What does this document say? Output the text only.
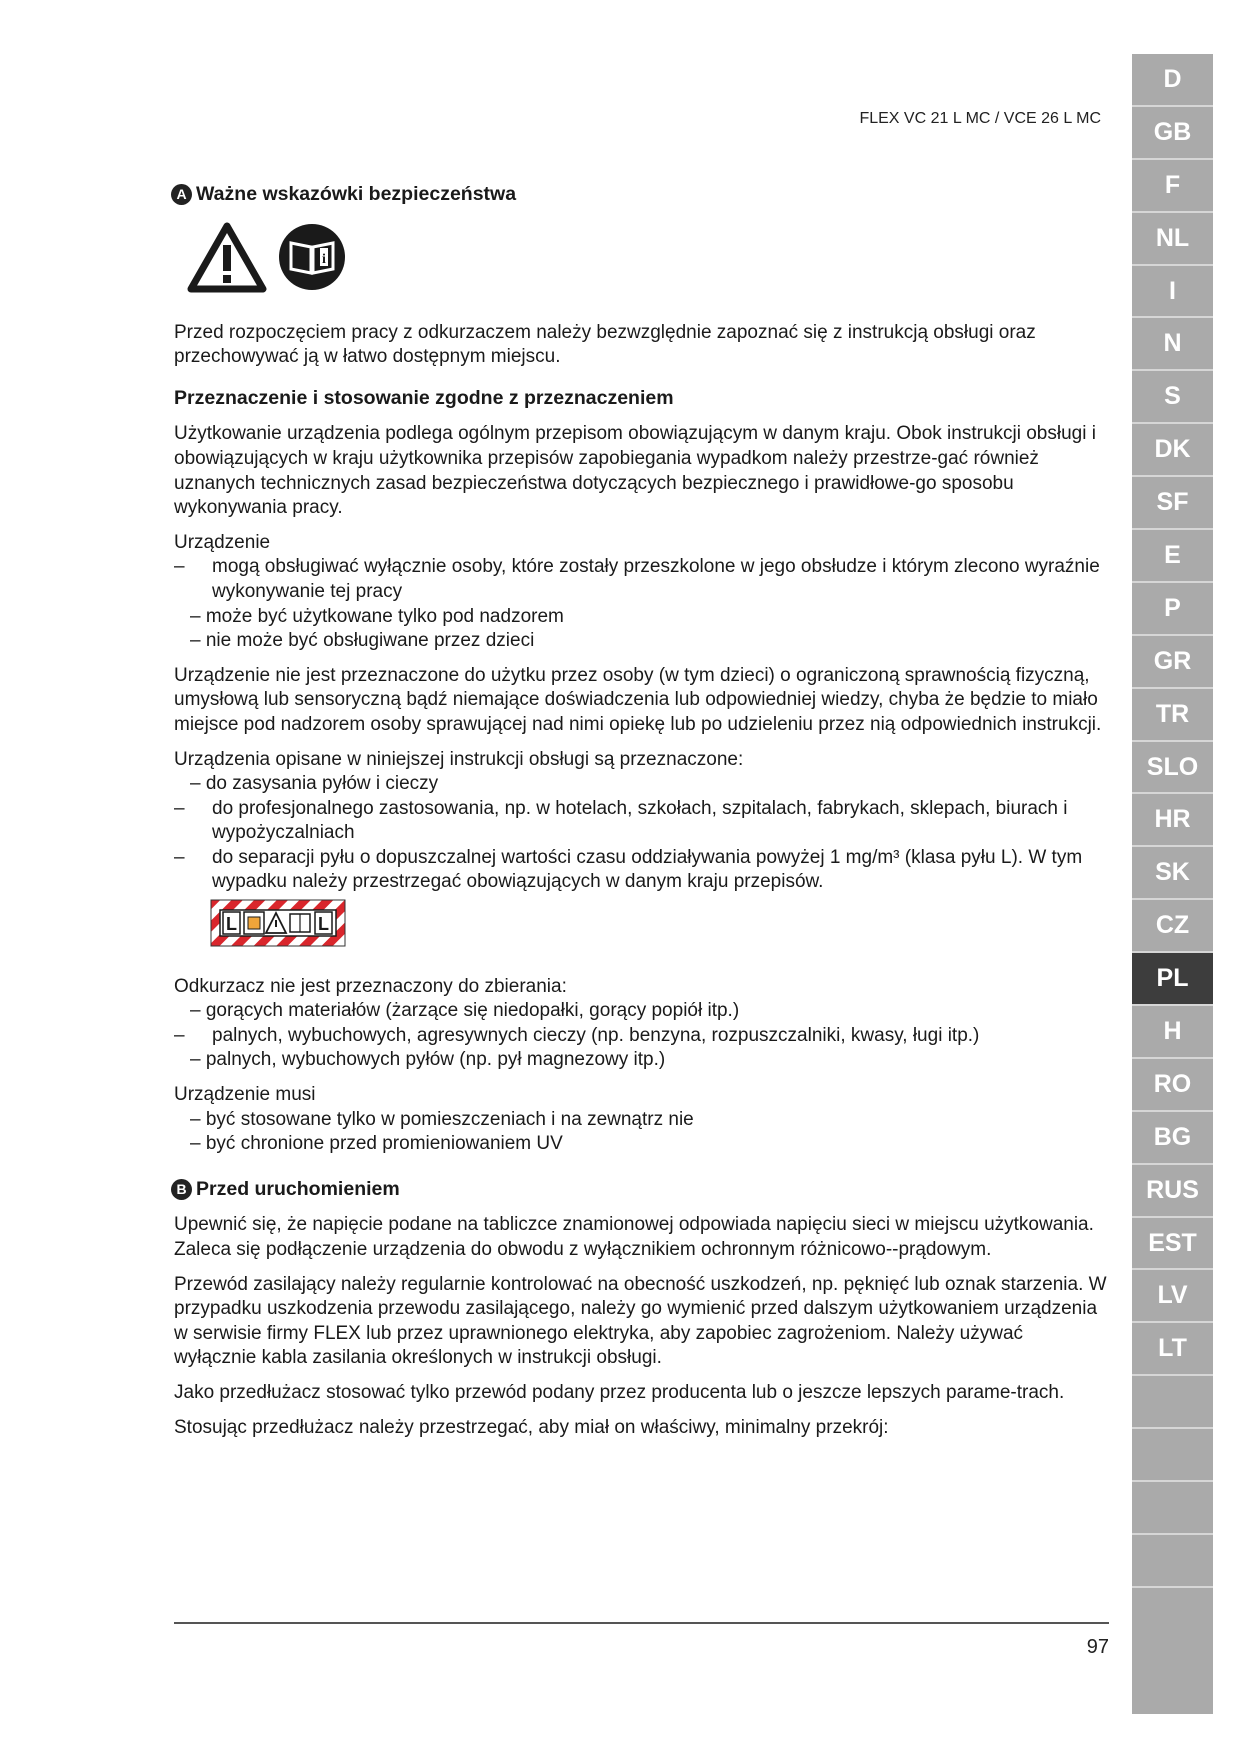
FLEX VC 21 L MC / VCE 26 L MC
A Ważne wskazówki bezpieczeństwa
i

Przed rozpoczęciem pracy z odkurzaczem należy bezwzględnie zapoznać się z instrukcją obsługi oraz przechowywać ją w łatwo dostępnym miejscu.

Przeznaczenie i stosowanie zgodne z przeznaczeniem

Użytkowanie urządzenia podlega ogólnym przepisom obowiązującym w danym kraju. Obok instrukcji obsługi i obowiązujących w kraju użytkownika przepisów zapobiegania wypadkom należy przestrze-gać również uznanych technicznych zasad bezpieczeństwa dotyczących bezpiecznego i prawidłowe-go sposobu wykonywania pracy.

Urządzenie
–	mogą obsługiwać wyłącznie osoby, które zostały przeszkolone w jego obsłudze i którym zlecono wyraźnie wykonywanie tej pracy
– może być użytkowane tylko pod nadzorem
– nie może być obsługiwane przez dzieci

Urządzenie nie jest przeznaczone do użytku przez osoby (w tym dzieci) o ograniczoną sprawnością fizyczną, umysłową lub sensoryczną bądź niemające doświadczenia lub odpowiedniej wiedzy, chyba że będzie to miało miejsce pod nadzorem osoby sprawującej nad nimi opiekę lub po udzieleniu przez nią odpowiednich instrukcji.

Urządzenia opisane w niniejszej instrukcji obsługi są przeznaczone:
– do zasysania pyłów i cieczy
–	do profesjonalnego zastosowania, np. w hotelach, szkołach, szpitalach, fabrykach, sklepach, biurach i wypożyczalniach
–	do separacji pyłu o dopuszczalnej wartości czasu oddziaływania powyżej 1 mg/m³ (klasa pyłu L). W tym wypadku należy przestrzegać obowiązujących w danym kraju przepisów.
L	L
Odkurzacz nie jest przeznaczony do zbierania:
– gorących materiałów (żarzące się niedopałki, gorący popiół itp.)
–	palnych, wybuchowych, agresywnych cieczy (np. benzyna, rozpuszczalniki, kwasy, ługi itp.)
– palnych, wybuchowych pyłów (np. pył magnezowy itp.)
Urządzenie musi
– być stosowane tylko w pomieszczeniach i na zewnątrz nie
– być chronione przed promieniowaniem UV
B Przed uruchomieniem

Upewnić się, że napięcie podane na tabliczce znamionowej odpowiada napięciu sieci w miejscu użytkowania. Zaleca się podłączenie urządzenia do obwodu z wyłącznikiem ochronnym różnicowo--prądowym.

Przewód zasilający należy regularnie kontrolować na obecność uszkodzeń, np. pęknięć lub oznak starzenia. W przypadku uszkodzenia przewodu zasilającego, należy go wymienić przed dalszym użytkowaniem urządzenia w serwisie firmy FLEX lub przez uprawnionego elektryka, aby zapobiec zagrożeniom. Należy używać wyłącznie kabla zasilania określonych w instrukcji obsługi.

Jako przedłużacz stosować tylko przewód podany przez producenta lub o jeszcze lepszych parame-trach.

Stosując przedłużacz należy przestrzegać, aby miał on właściwy, minimalny przekrój:

97
D
GB
F
NL
I
N
S
DK
SF
E
P
GR
TR
SLO
HR
SK
CZ
PL
H
RO
BG
RUS
EST
LV
LT
